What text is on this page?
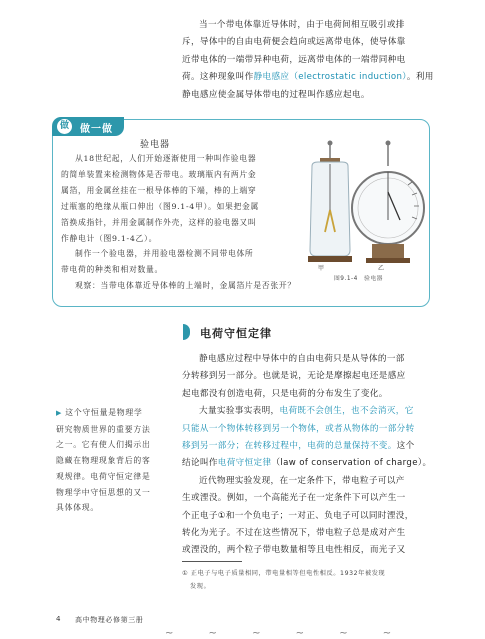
当一个带电体靠近导体时，由于电荷间相互吸引或排
斥，导体中的自由电荷便会趋向或远离带电体，使导体靠
近带电体的一端带异种电荷，远离带电体的一端带同种电
荷。这种现象叫作静电感应（electrostatic induction）。利用
静电感应使金属导体带电的过程叫作感应起电。
做	做一做
验电器
从18世纪起，人们开始逐渐使用一种叫作验电器
的简单装置来检测物体是否带电。玻璃瓶内有两片金
属箔，用金属丝挂在一根导体棒的下端，棒的上端穿
过瓶塞的绝缘从瓶口伸出（图9.1-4甲）。如果把金属
箔换成指针，并用金属制作外壳，这样的验电器又叫
作静电计（图9.1-4乙）。
制作一个验电器，并用验电器检测不同带电体所
带电荷的种类和相对数量。
观察：当带电体靠近导体棒的上端时，金属箔片是否张开？
甲	乙
图9.1-4　验电器
电荷守恒定律
静电感应过程中导体中的自由电荷只是从导体的一部
分转移到另一部分。也就是说，无论是摩擦起电还是感应
起电都没有创造电荷，只是电荷的分布发生了变化。
大量实验事实表明，电荷既不会创生，也不会消灭，它
只能从一个物体转移到另一个物体，或者从物体的一部分转
移到另一部分；在转移过程中，电荷的总量保持不变。这个
结论叫作电荷守恒定律（law of conservation of charge）。
近代物理实验发现，在一定条件下，带电粒子可以产
生或湮没。例如，一个高能光子在一定条件下可以产生一
个正电子①和一个负电子；一对正、负电子可以同时湮没，
转化为光子。不过在这些情况下，带电粒子总是成对产生
或湮没的，两个粒子带电数量相等且电性相反，而光子又
▶ 这个守恒量是物理学
研究物质世界的重要方法
之一。它有使人们揭示出
隐藏在物理现象背后的客
观规律。电荷守恒定律是
物理学中守恒思想的又一
具体体现。
① 正电子与电子质量相同，带电量相等但电性相反。1932年被发现
发现。
4 高中物理必修第三册
~ ~ ~ ~ ~ ~
